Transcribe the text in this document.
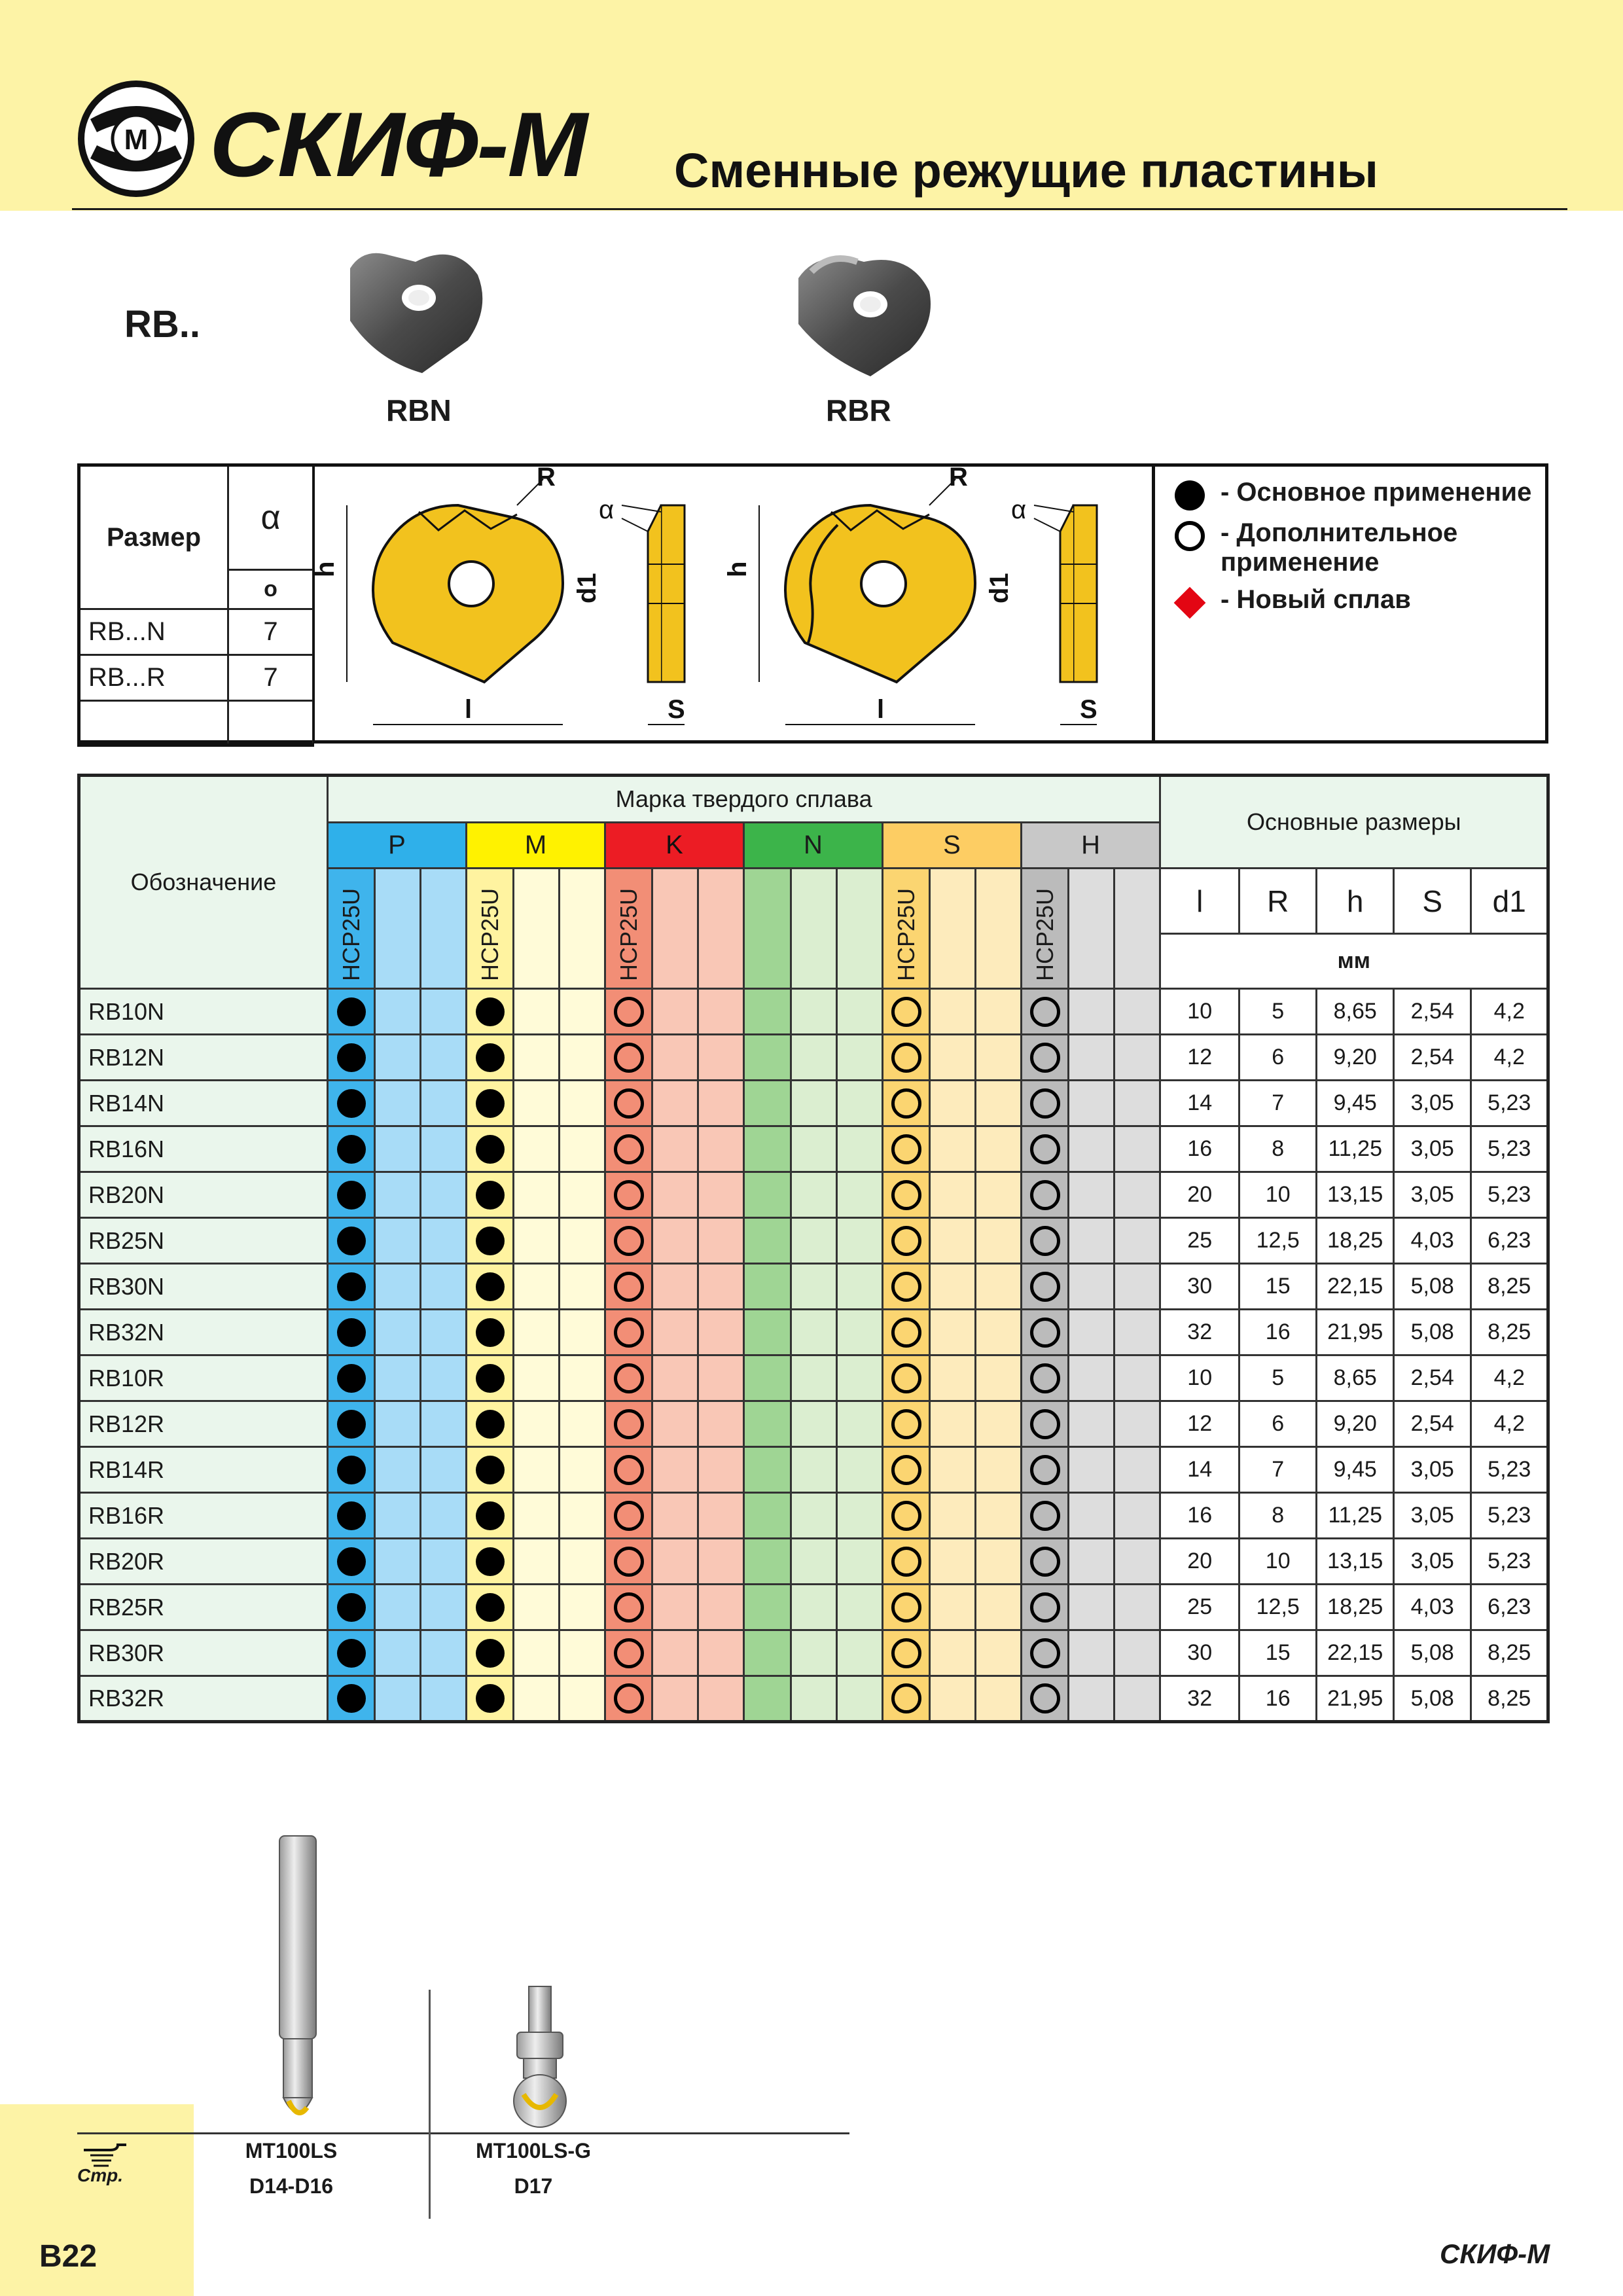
М СКИФ-М Сменные режущие пластины
RB..
RBN	RBR
Размер	α
	о
RB...N	7
RB...R	7

h
l
R
d1
α
S
h
l
R
d1
α
S
- Основное применение
- Дополнительное применение
- Новый сплав
Обозначение	Марка твердого сплава																		Основные размеры				
	P			M			K			N			S			H							
	HCP25U			HCP25U			HCP25U						HCP25U			HCP25U			l	R	h	S	d1
																			мм				
RB10N																			10	5	8,65	2,54	4,2
RB12N																			12	6	9,20	2,54	4,2
RB14N																			14	7	9,45	3,05	5,23
RB16N																			16	8	11,25	3,05	5,23
RB20N																			20	10	13,15	3,05	5,23
RB25N																			25	12,5	18,25	4,03	6,23
RB30N																			30	15	22,15	5,08	8,25
RB32N																			32	16	21,95	5,08	8,25
RB10R																			10	5	8,65	2,54	4,2
RB12R																			12	6	9,20	2,54	4,2
RB14R																			14	7	9,45	3,05	5,23
RB16R																			16	8	11,25	3,05	5,23
RB20R																			20	10	13,15	3,05	5,23
RB25R																			25	12,5	18,25	4,03	6,23
RB30R																			30	15	22,15	5,08	8,25
RB32R																			32	16	21,95	5,08	8,25
Стр.
MT100LS
D14-D16
MT100LS-G
D17
B22	СКИФ-М
